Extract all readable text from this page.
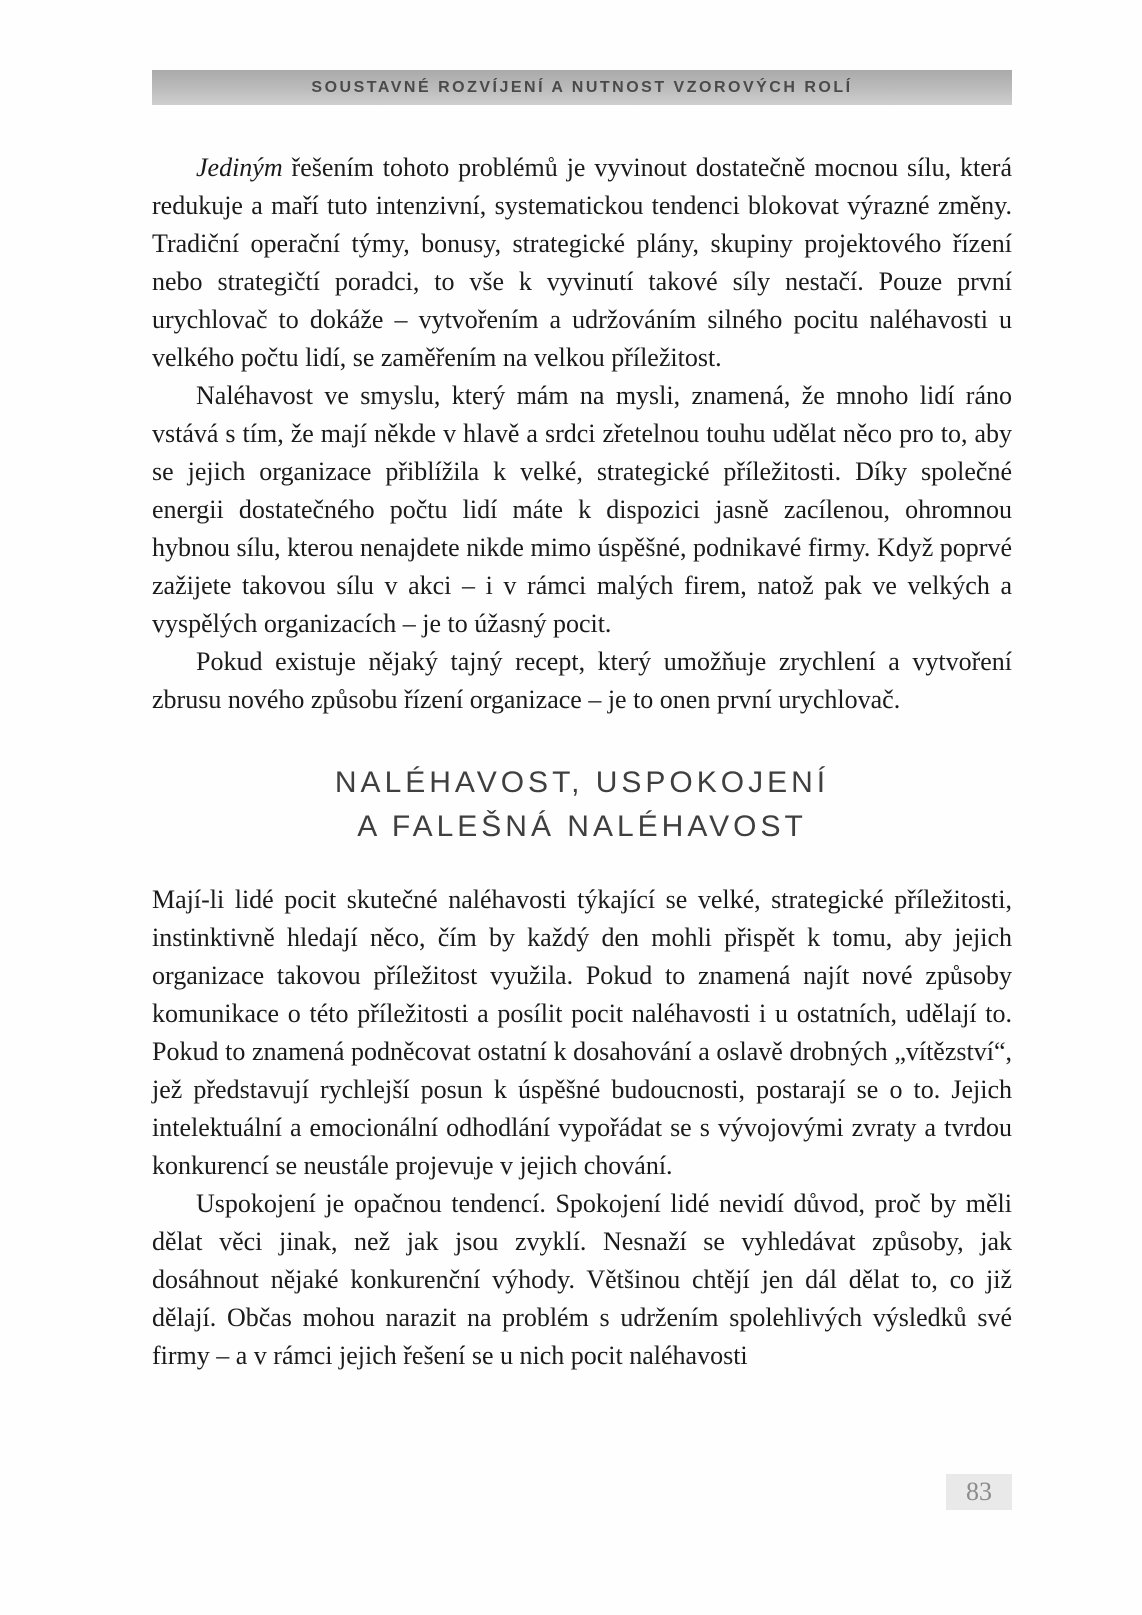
SOUSTAVNÉ ROZVÍJENÍ A NUTNOST VZOROVÝCH ROLÍ

Jediným řešením tohoto problémů je vyvinout dostatečně mocnou sílu, která redukuje a maří tuto intenzivní, systematickou tendenci blokovat výrazné změny. Tradiční operační týmy, bonusy, strategické plány, skupiny projektového řízení nebo strategičtí poradci, to vše k vyvinutí takové síly nestačí. Pouze první urychlovač to dokáže – vytvořením a udržováním silného pocitu naléhavosti u velkého počtu lidí, se zaměřením na velkou příležitost.

Naléhavost ve smyslu, který mám na mysli, znamená, že mnoho lidí ráno vstává s tím, že mají někde v hlavě a srdci zřetelnou touhu udělat něco pro to, aby se jejich organizace přiblížila k velké, strategické příležitosti. Díky společné energii dostatečného počtu lidí máte k dispozici jasně zacílenou, ohromnou hybnou sílu, kterou nenajdete nikde mimo úspěšné, podnikavé firmy. Když poprvé zažijete takovou sílu v akci – i v rámci malých firem, natož pak ve velkých a vyspělých organizacích – je to úžasný pocit.

Pokud existuje nějaký tajný recept, který umožňuje zrychlení a vytvoření zbrusu nového způsobu řízení organizace – je to onen první urychlovač.

NALÉHAVOST, USPOKOJENÍ
A FALEŠNÁ NALÉHAVOST

Mají-li lidé pocit skutečné naléhavosti týkající se velké, strategické příležitosti, instinktivně hledají něco, čím by každý den mohli přispět k tomu, aby jejich organizace takovou příležitost využila. Pokud to znamená najít nové způsoby komunikace o této příležitosti a posílit pocit naléhavosti i u ostatních, udělají to. Pokud to znamená podněcovat ostatní k dosahování a oslavě drobných „vítězství“, jež představují rychlejší posun k úspěšné budoucnosti, postarají se o to. Jejich intelektuální a emocionální odhodlání vypořádat se s vývojovými zvraty a tvrdou konkurencí se neustále projevuje v jejich chování.

Uspokojení je opačnou tendencí. Spokojení lidé nevidí důvod, proč by měli dělat věci jinak, než jak jsou zvyklí. Nesnaží se vyhledávat způsoby, jak dosáhnout nějaké konkurenční výhody. Většinou chtějí jen dál dělat to, co již dělají. Občas mohou narazit na problém s udržením spolehlivých výsledků své firmy – a v rámci jejich řešení se u nich pocit naléhavosti

83
